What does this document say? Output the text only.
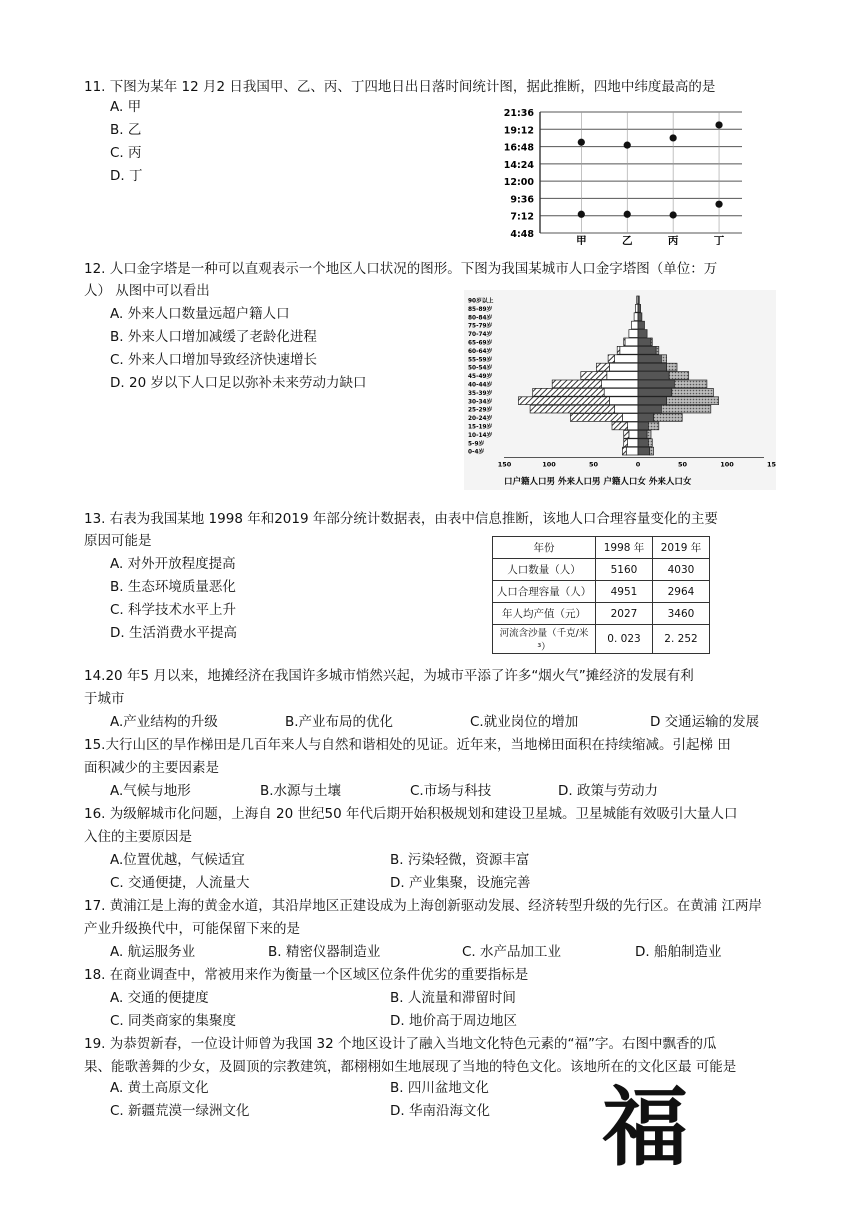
11. 下图为某年 12 月2 日我国甲、乙、丙、丁四地日出日落时间统计图，据此推断，四地中纬度最高的是
A. 甲
B. 乙
C. 丙
D. 丁
21:36
19:12
16:48
14:24
12:00
9:36
7:12
4:48
甲	乙	丙	丁
12. 人口金字塔是一种可以直观表示一个地区人口状况的图形。下图为我国某城市人口金字塔图（单位：万
人） 从图中可以看出
A. 外来人口数量远超户籍人口
B. 外来人口增加减缓了老龄化进程
C. 外来人口增加导致经济快速增长
D. 20 岁以下人口足以弥补未来劳动力缺口
90岁以上
85-89岁
80-84岁
75-79岁
70-74岁
65-69岁
60-64岁
55-59岁
50-54岁
45-49岁
40-44岁
35-39岁
30-34岁
25-29岁
20-24岁
15-19岁
10-14岁
5-9岁
0-4岁
150	100	50	0	50	100	15
口户籍人口男 外来人口男 户籍人口女 外来人口女
13. 右表为我国某地 1998 年和2019 年部分统计数据表，由表中信息推断，该地人口合理容量变化的主要
原因可能是
A. 对外开放程度提高
B. 生态环境质量恶化
C. 科学技术水平上升
D. 生活消费水平提高
年份	1998 年	2019 年
人口数量（人）	5160	4030
人口合理容量（人）	4951	2964
年人均产值（元）	2027	3460
河流含沙量（千克/米³）	0. 023	2. 252
14.20 年5 月以来，地摊经济在我国许多城市悄然兴起，为城市平添了许多“烟火气”摊经济的发展有利
于城市
A.产业结构的升级	B.产业布局的优化	C.就业岗位的增加	D 交通运输的发展
15.大行山区的旱作梯田是几百年来人与自然和谐相处的见证。近年来，当地梯田面积在持续缩减。引起梯 田
面积减少的主要因素是
A.气候与地形	B.水源与土壤	C.市场与科技	D. 政策与劳动力
16. 为级解城市化问题，上海自 20 世纪50 年代后期开始积极规划和建设卫星城。卫星城能有效吸引大量人口
入住的主要原因是
A.位置优越，气候适宜	B. 污染轻微，资源丰富
C. 交通便捷，人流量大	D. 产业集聚，设施完善
17. 黄浦江是上海的黄金水道，其沿岸地区正建设成为上海创新驱动发展、经济转型升级的先行区。在黄浦 江两岸
产业升级换代中，可能保留下来的是
A. 航运服务业	B. 精密仪器制造业	C. 水产品加工业	D. 船舶制造业
18. 在商业调查中，常被用来作为衡量一个区域区位条件优劣的重要指标是
A. 交通的便捷度	B. 人流量和滞留时间
C. 同类商家的集聚度	D. 地价高于周边地区
19. 为恭贺新春，一位设计师曾为我国 32 个地区设计了融入当地文化特色元素的“福”字。右图中飘香的瓜
果、能歌善舞的少女，及圆顶的宗教建筑，都栩栩如生地展现了当地的特色文化。该地所在的文化区最 可能是
A. 黄土高原文化	B. 四川盆地文化
C. 新疆荒漠一绿洲文化	D. 华南沿海文化 福
